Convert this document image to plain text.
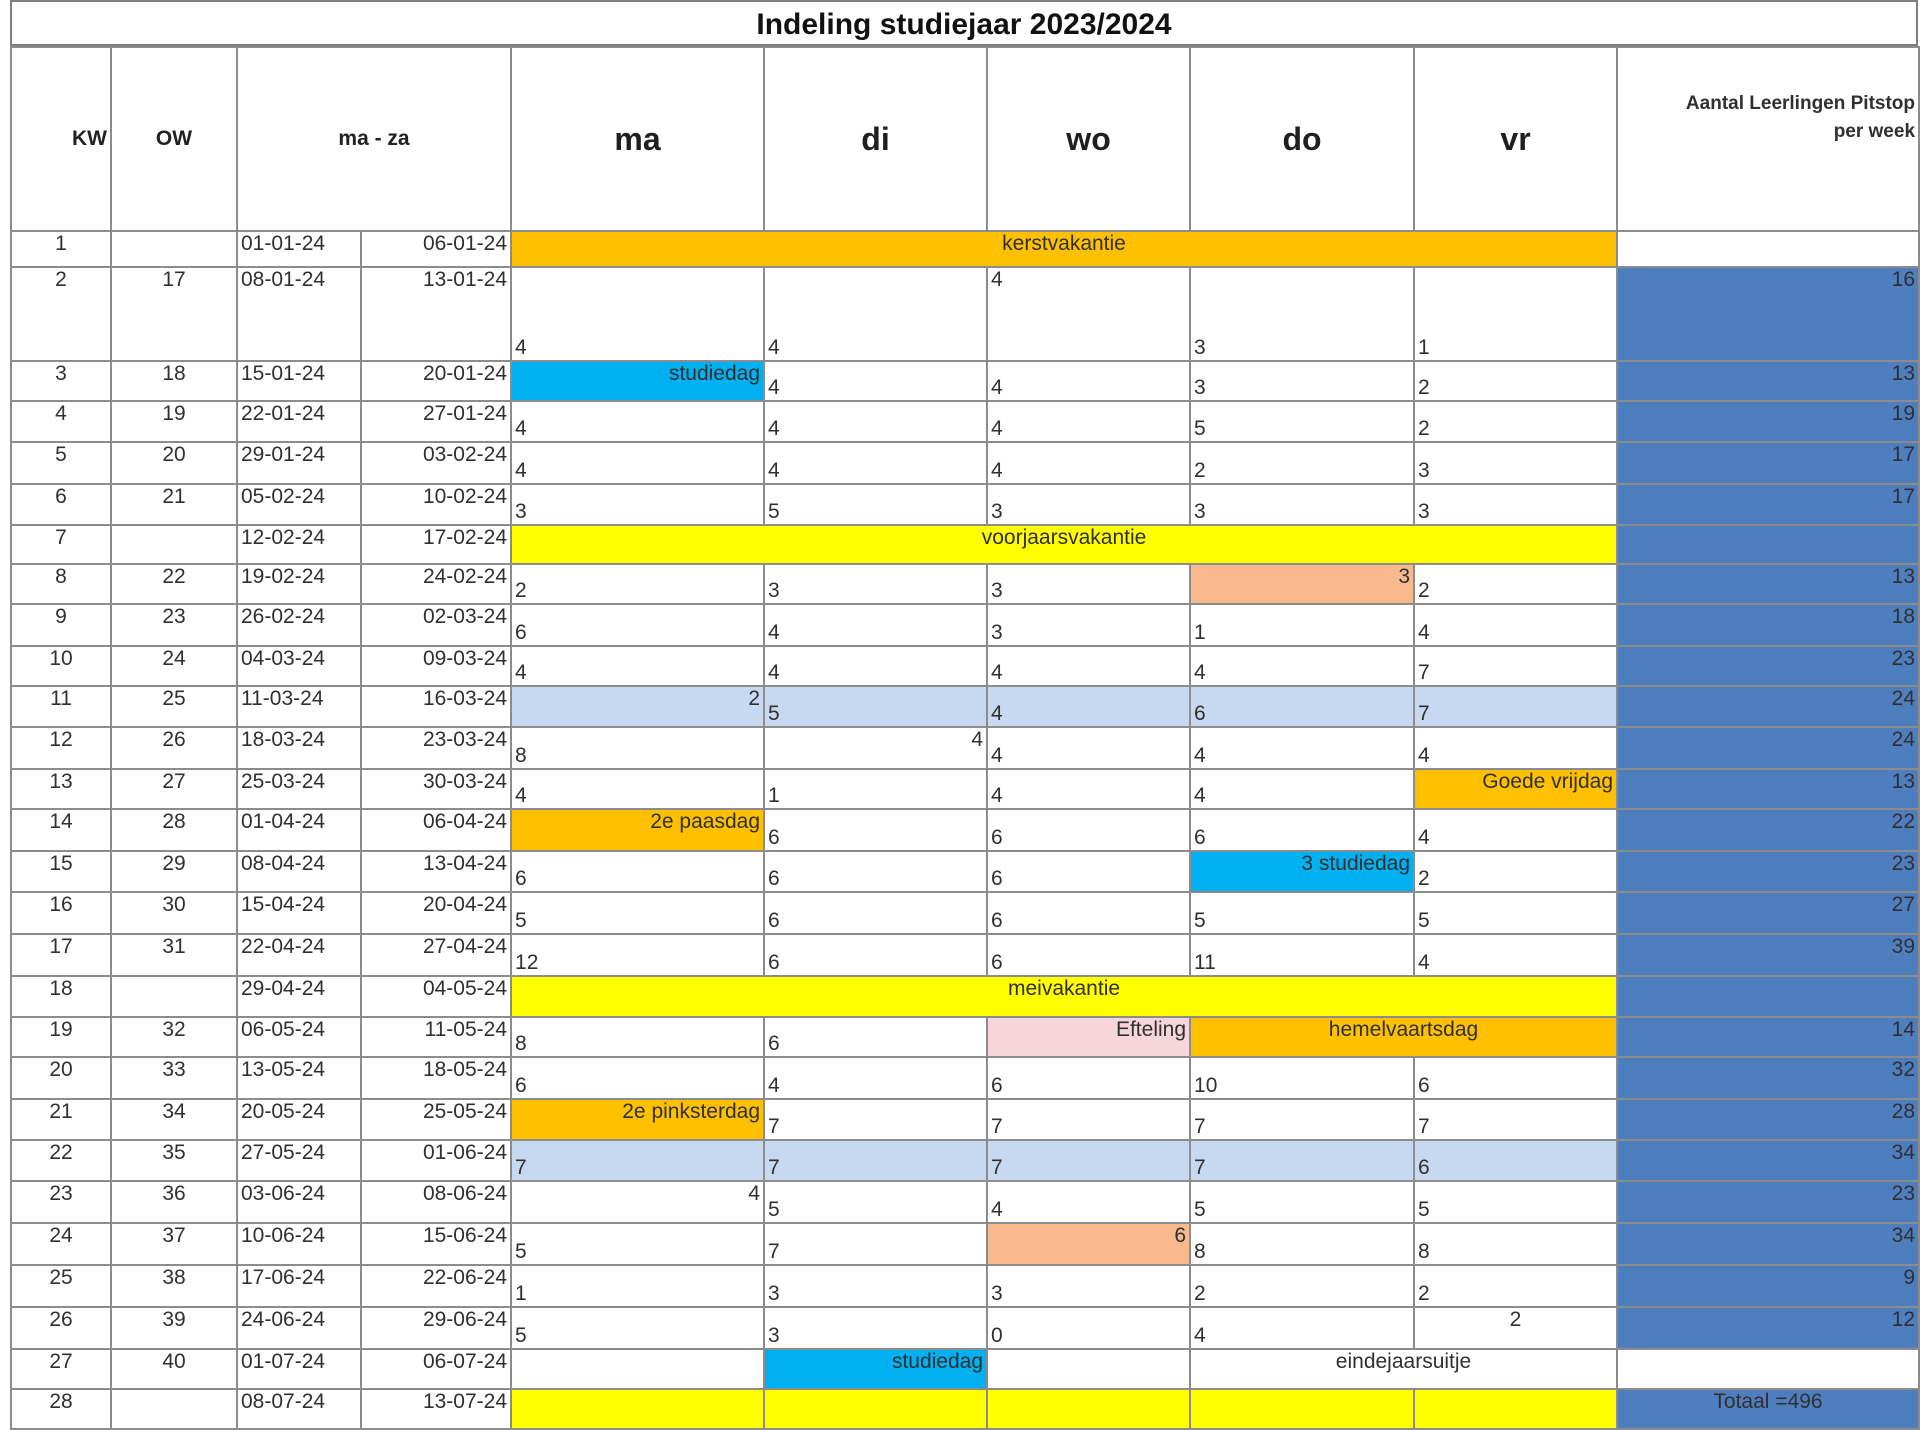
Indeling studiejaar 2023/2024
KW	OW	ma - za		ma	di	wo	do	vr	Aantal Leerlingen Pitstop
per week
1		01-01-24	06-01-24	kerstvakantie					
2	17	08-01-24	13-01-24	4	4	4	3	1	16
3	18	15-01-24	20-01-24	studiedag	4	4	3	2	13
4	19	22-01-24	27-01-24	4	4	4	5	2	19
5	20	29-01-24	03-02-24	4	4	4	2	3	17
6	21	05-02-24	10-02-24	3	5	3	3	3	17
7		12-02-24	17-02-24	voorjaarsvakantie					
8	22	19-02-24	24-02-24	2	3	3	3	2	13
9	23	26-02-24	02-03-24	6	4	3	1	4	18
10	24	04-03-24	09-03-24	4	4	4	4	7	23
11	25	11-03-24	16-03-24	2	5	4	6	7	24
12	26	18-03-24	23-03-24	8	4	4	4	4	24
13	27	25-03-24	30-03-24	4	1	4	4	Goede vrijdag	13
14	28	01-04-24	06-04-24	2e paasdag	6	6	6	4	22
15	29	08-04-24	13-04-24	6	6	6	3 studiedag	2	23
16	30	15-04-24	20-04-24	5	6	6	5	5	27
17	31	22-04-24	27-04-24	12	6	6	11	4	39
18		29-04-24	04-05-24	meivakantie					
19	32	06-05-24	11-05-24	8	6	Efteling	hemelvaartsdag		14
20	33	13-05-24	18-05-24	6	4	6	10	6	32
21	34	20-05-24	25-05-24	2e pinksterdag	7	7	7	7	28
22	35	27-05-24	01-06-24	7	7	7	7	6	34
23	36	03-06-24	08-06-24	4	5	4	5	5	23
24	37	10-06-24	15-06-24	5	7	6	8	8	34
25	38	17-06-24	22-06-24	1	3	3	2	2	9
26	39	24-06-24	29-06-24	5	3	0	4	2	12
27	40	01-07-24	06-07-24		studiedag		eindejaarsuitje		
28		08-07-24	13-07-24						Totaal =496
